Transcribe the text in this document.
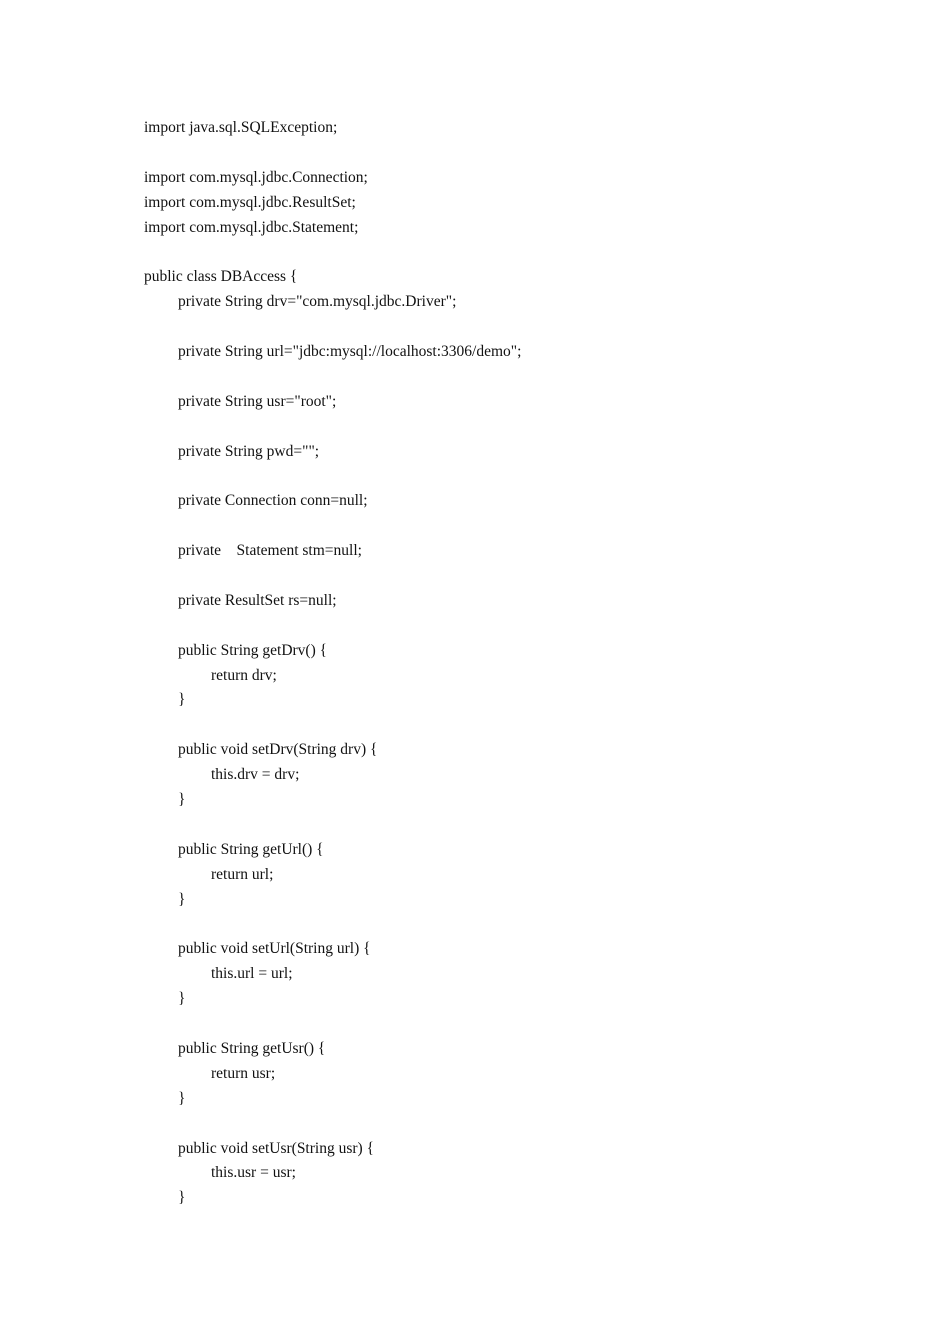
import java.sql.SQLException;
import com.mysql.jdbc.Connection;
import com.mysql.jdbc.ResultSet;
import com.mysql.jdbc.Statement;
public class DBAccess {
private String drv="com.mysql.jdbc.Driver";
private String url="jdbc:mysql://localhost:3306/demo";
private String usr="root";
private String pwd="";
private Connection conn=null;
private    Statement stm=null;
private ResultSet rs=null;
public String getDrv() {
return drv;
}
public void setDrv(String drv) {
this.drv = drv;
}
public String getUrl() {
return url;
}
public void setUrl(String url) {
this.url = url;
}
public String getUsr() {
return usr;
}
public void setUsr(String usr) {
this.usr = usr;
}
